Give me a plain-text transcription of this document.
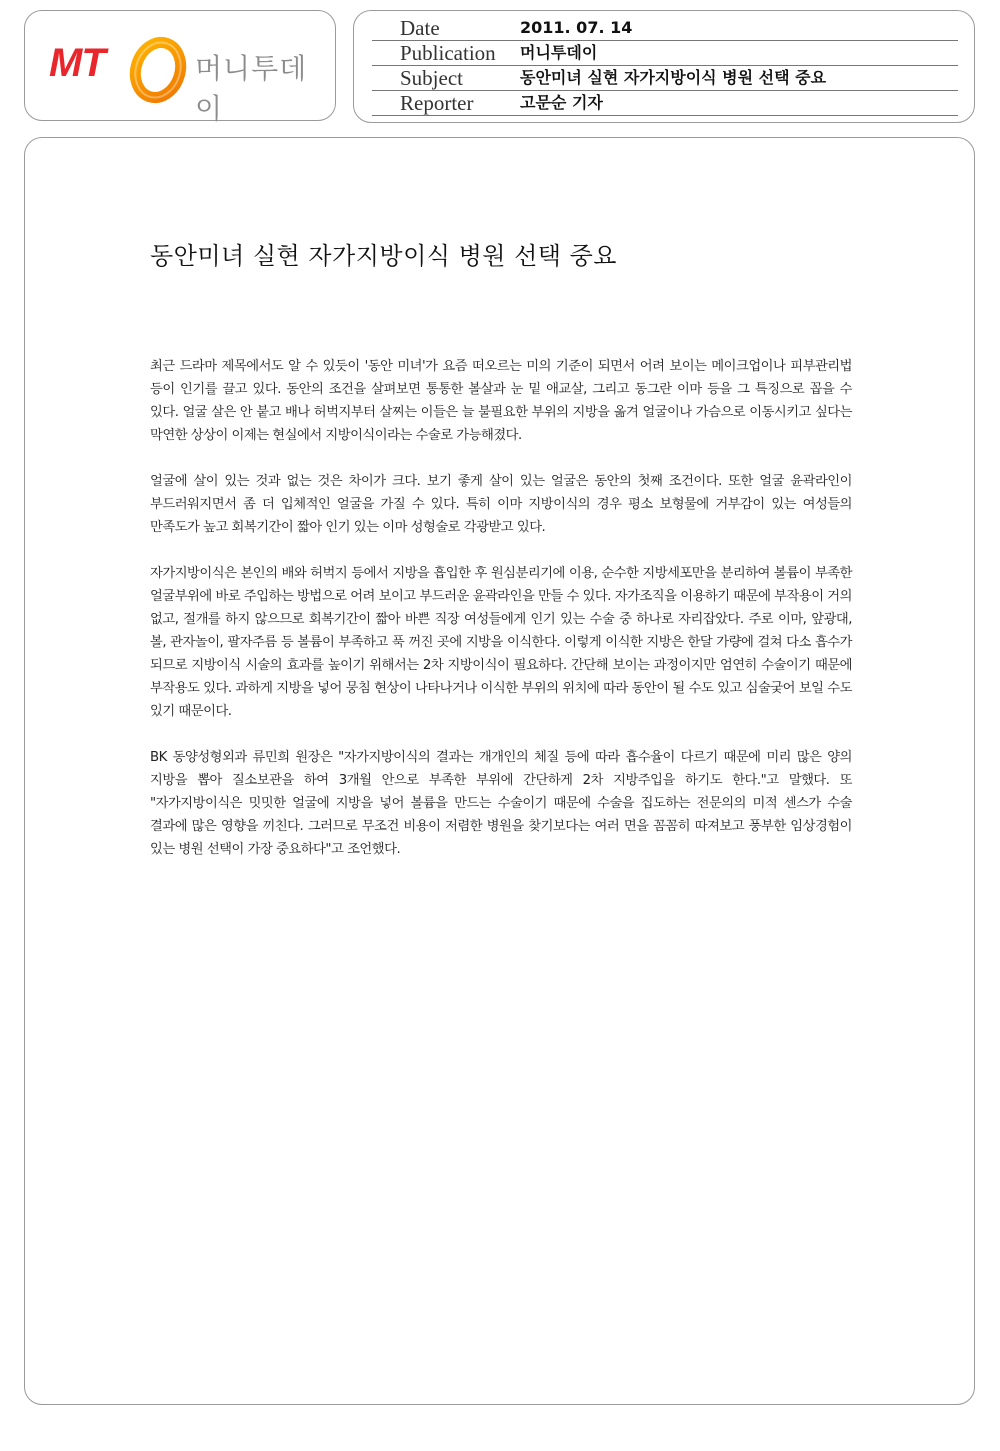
MT	머니투데이
Date	2011. 07. 14
Publication 머니투데이
Subject	동안미녀 실현 자가지방이식 병원 선택 중요
Reporter	고문순 기자
동안미녀 실현 자가지방이식 병원 선택 중요

최근 드라마 제목에서도 알 수 있듯이 '동안 미녀'가 요즘 떠오르는 미의 기준이 되면서 어려 보이는 메이크업이나 피부관리법 등이 인기를 끌고 있다. 동안의 조건을 살펴보면 통통한 볼살과 눈 밑 애교살, 그리고 동그란 이마 등을 그 특징으로 꼽을 수 있다. 얼굴 살은 안 붙고 배나 허벅지부터 살찌는 이들은 늘 불필요한 부위의 지방을 옮겨 얼굴이나 가슴으로 이동시키고 싶다는 막연한 상상이 이제는 현실에서 지방이식이라는 수술로 가능해졌다.

얼굴에 살이 있는 것과 없는 것은 차이가 크다. 보기 좋게 살이 있는 얼굴은 동안의 첫째 조건이다. 또한 얼굴 윤곽라인이 부드러워지면서 좀 더 입체적인 얼굴을 가질 수 있다. 특히 이마 지방이식의 경우 평소 보형물에 거부감이 있는 여성들의 만족도가 높고 회복기간이 짧아 인기 있는 이마 성형술로 각광받고 있다.

자가지방이식은 본인의 배와 허벅지 등에서 지방을 흡입한 후 원심분리기에 이용, 순수한 지방세포만을 분리하여 볼륨이 부족한 얼굴부위에 바로 주입하는 방법으로 어려 보이고 부드러운 윤곽라인을 만들 수 있다. 자가조직을 이용하기 때문에 부작용이 거의 없고, 절개를 하지 않으므로 회복기간이 짧아 바쁜 직장 여성들에게 인기 있는 수술 중 하나로 자리잡았다. 주로 이마, 앞광대, 볼, 관자놀이, 팔자주름 등 볼륨이 부족하고 푹 꺼진 곳에 지방을 이식한다. 이렇게 이식한 지방은 한달 가량에 걸쳐 다소 흡수가 되므로 지방이식 시술의 효과를 높이기 위해서는 2차 지방이식이 필요하다. 간단해 보이는 과정이지만 엄연히 수술이기 때문에 부작용도 있다. 과하게 지방을 넣어 뭉침 현상이 나타나거나 이식한 부위의 위치에 따라 동안이 될 수도 있고 심술궂어 보일 수도 있기 때문이다.

BK 동양성형외과 류민희 원장은 "자가지방이식의 결과는 개개인의 체질 등에 따라 흡수율이 다르기 때문에 미리 많은 양의 지방을 뽑아 질소보관을 하여 3개월 안으로 부족한 부위에 간단하게 2차 지방주입을 하기도 한다."고 말했다. 또 "자가지방이식은 밋밋한 얼굴에 지방을 넣어 볼륨을 만드는 수술이기 때문에 수술을 집도하는 전문의의 미적 센스가 수술 결과에 많은 영향을 끼친다. 그러므로 무조건 비용이 저렴한 병원을 찾기보다는 여러 면을 꼼꼼히 따져보고 풍부한 임상경험이 있는 병원 선택이 가장 중요하다"고 조언했다.
